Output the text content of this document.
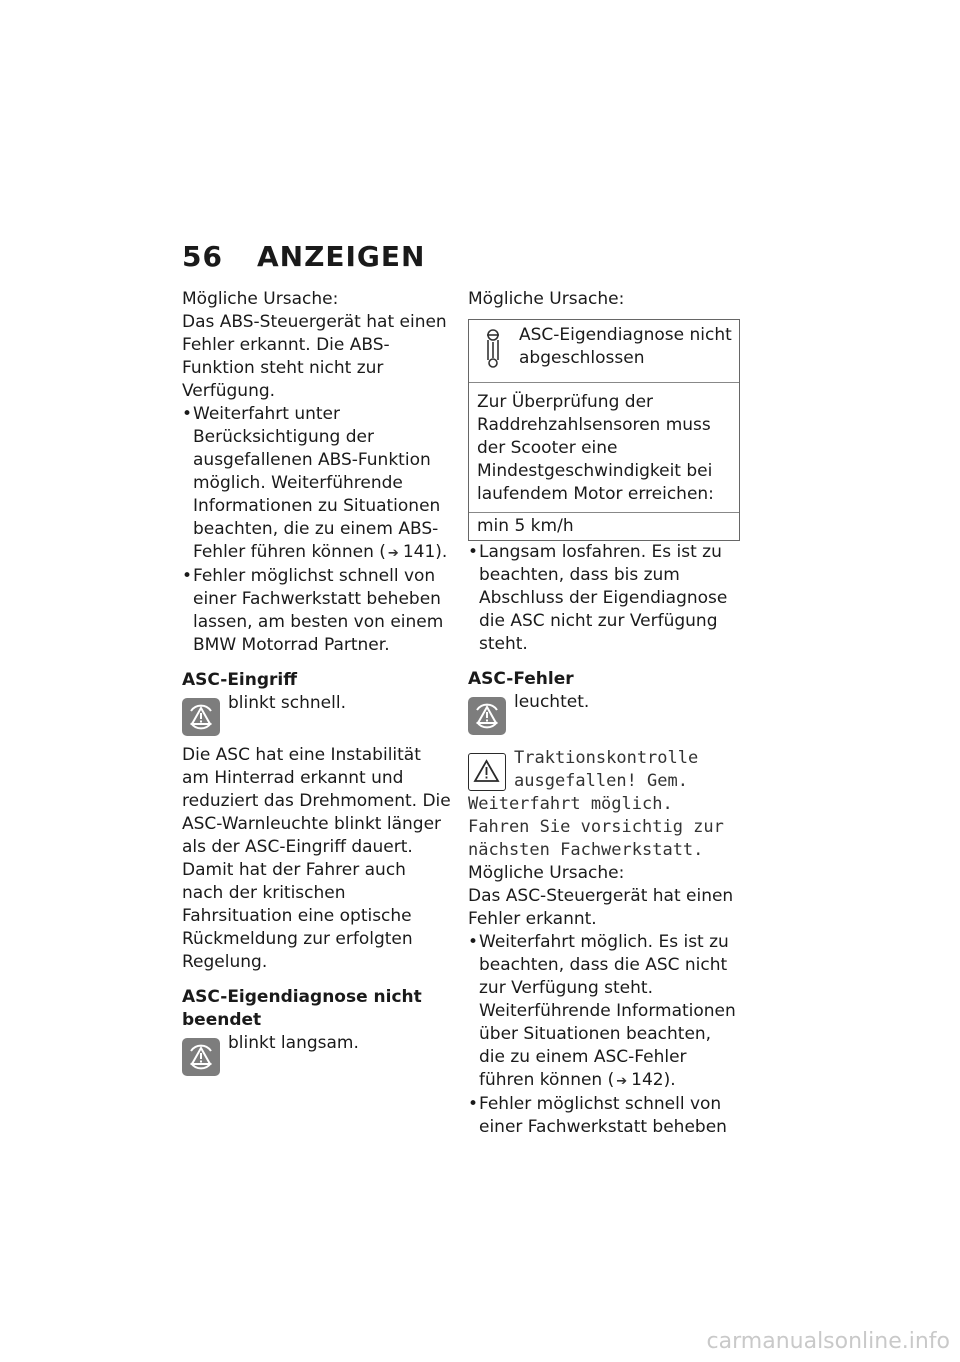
56 ANZEIGEN

Mögliche Ursache:

Das ABS-Steuergerät hat einen Fehler erkannt. Die ABS-Funktion steht nicht zur Verfügung.

• Weiterfahrt unter Berücksichtigung der ausgefallenen ABS-Funktion möglich. Weiterführende Informationen zu Situationen beachten, die zu einem ABS-Fehler führen können ( ➔ 141).
• Fehler möglichst schnell von einer Fachwerkstatt beheben lassen, am besten von einem BMW Motorrad Partner.

ASC-Eingriff

blinkt schnell.

Die ASC hat eine Instabilität am Hinterrad erkannt und reduziert das Drehmoment. Die ASC-Warnleuchte blinkt länger als der ASC-Eingriff dauert. Damit hat der Fahrer auch nach der kritischen Fahrsituation eine optische Rückmeldung zur erfolgten Regelung.

ASC-Eigendiagnose nicht beendet

blinkt langsam.

Mögliche Ursache:

ASC-Eigendiagnose nicht abgeschlossen

Zur Überprüfung der Raddrehzahlsensoren muss der Scooter eine Mindestgeschwindigkeit bei laufendem Motor erreichen:

min 5 km/h

• Langsam losfahren. Es ist zu beachten, dass bis zum Abschluss der Eigendiagnose die ASC nicht zur Verfügung steht.

ASC-Fehler

leuchtet.

Traktionskontrolle

ausgefallen! Gem.

Weiterfahrt möglich. Fahren Sie vorsichtig zur nächsten Fachwerkstatt.

Mögliche Ursache:

Das ASC-Steuergerät hat einen Fehler erkannt.

• Weiterfahrt möglich. Es ist zu beachten, dass die ASC nicht zur Verfügung steht. Weiterführende Informationen über Situationen beachten, die zu einem ASC-Fehler führen können ( ➔ 142).
• Fehler möglichst schnell von einer Fachwerkstatt beheben
carmanualsonline.info
